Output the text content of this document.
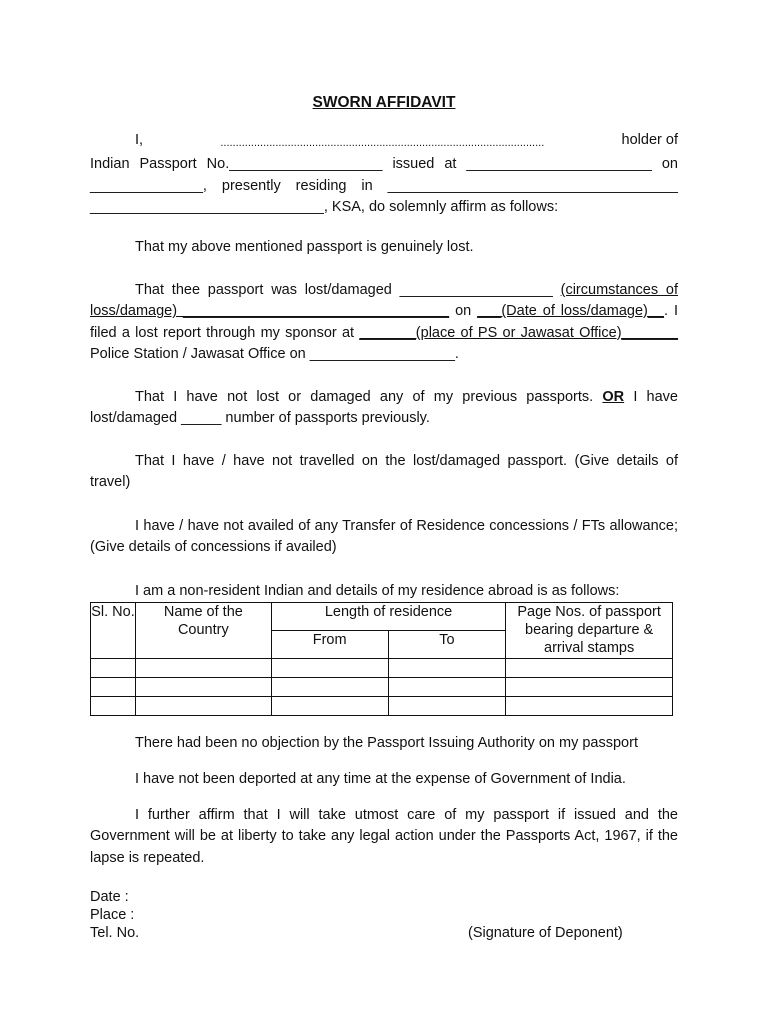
SWORN AFFIDAVIT
I,	..........................................................................................................	holder of
Indian Passport No.___________________ issued at _______________________ on
______________, presently residing in ____________________________________
_____________________________, KSA, do solemnly affirm as follows:
That my above mentioned passport is genuinely lost.
That thee passport was lost/damaged ___________________ (circumstances of loss/damage) _________________________________ on ___(Date of loss/damage)__. I filed a lost report through my sponsor at _______(place of PS or Jawasat Office)_______ Police Station / Jawasat Office on __________________.
That I have not lost or damaged any of my previous passports. OR I have lost/damaged _____ number of passports previously.
That I have / have not travelled on the lost/damaged passport. (Give details of travel)
I have / have not availed of any Transfer of Residence concessions / FTs allowance; (Give details of concessions if availed)
I am a non-resident Indian and details of my residence abroad is as follows:
Sl. No.	Name of the Country	Length of residence		Page Nos. of passport bearing departure & arrival stamps
		From	To	

There had been no objection by the Passport Issuing Authority on my passport
I have not been deported at any time at the expense of Government of India.
I further affirm that I will take utmost care of my passport if issued and the Government will be at liberty to take any legal action under the Passports Act, 1967, if the lapse is repeated.
Date :
Place :
Tel. No.	(Signature of Deponent)
